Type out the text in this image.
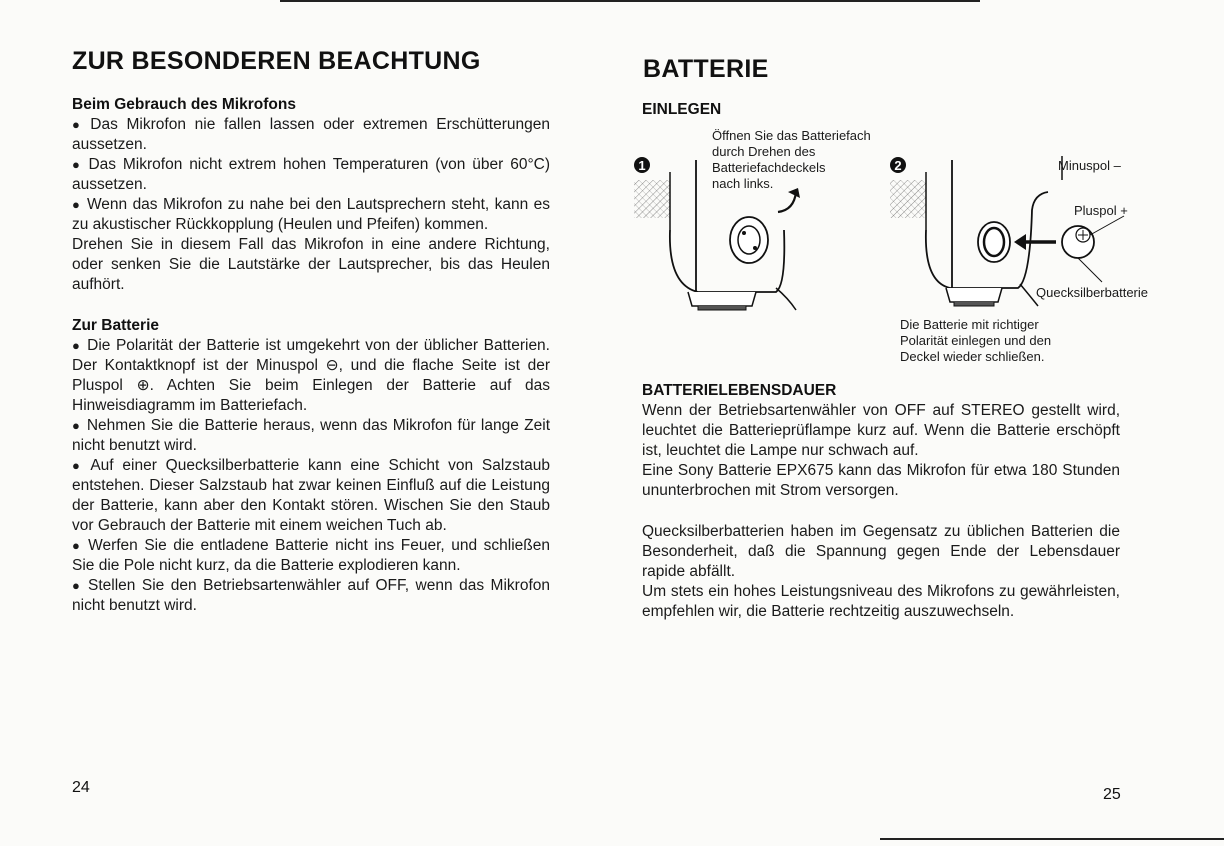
ZUR BESONDEREN BEACHTUNG
Beim Gebrauch des Mikrofons

● Das Mikrofon nie fallen lassen oder extremen Erschütterungen aussetzen.

● Das Mikrofon nicht extrem hohen Temperaturen (von über 60°C) aussetzen.

● Wenn das Mikrofon zu nahe bei den Lautsprechern steht, kann es zu akustischer Rückkopplung (Heulen und Pfeifen) kommen.

Drehen Sie in diesem Fall das Mikrofon in eine andere Richtung, oder senken Sie die Lautstärke der Lautsprecher, bis das Heulen aufhört.

Zur Batterie

● Die Polarität der Batterie ist umgekehrt von der üblicher Batterien. Der Kontaktknopf ist der Minuspol ⊖, und die flache Seite ist der Pluspol ⊕. Achten Sie beim Einlegen der Batterie auf das Hinweisdiagramm im Batteriefach.

● Nehmen Sie die Batterie heraus, wenn das Mikrofon für lange Zeit nicht benutzt wird.

● Auf einer Quecksilberbatterie kann eine Schicht von Salzstaub entstehen. Dieser Salzstaub hat zwar keinen Einfluß auf die Leistung der Batterie, kann aber den Kontakt stören. Wischen Sie den Staub vor Gebrauch der Batterie mit einem weichen Tuch ab.

● Werfen Sie die entladene Batterie nicht ins Feuer, und schließen Sie die Pole nicht kurz, da die Batterie explodieren kann.

● Stellen Sie den Betriebsartenwähler auf OFF, wenn das Mikrofon nicht benutzt wird.

24

BATTERIE
EINLEGEN
1
Öffnen Sie das Batteriefach
durch Drehen des
Batteriefachdeckels
nach links.
2	Minuspol –
Pluspol +
Quecksilberbatterie
Die Batterie mit richtiger
Polarität einlegen und den
Deckel wieder schließen.
BATTERIELEBENSDAUER

Wenn der Betriebsartenwähler von OFF auf STEREO gestellt wird, leuchtet die Batterieprüflampe kurz auf. Wenn die Batterie erschöpft ist, leuchtet die Lampe nur schwach auf.

Eine Sony Batterie EPX675 kann das Mikrofon für etwa 180 Stunden ununterbrochen mit Strom versorgen.

Quecksilberbatterien haben im Gegensatz zu üblichen Batterien die Besonderheit, daß die Spannung gegen Ende der Lebensdauer rapide abfällt.

Um stets ein hohes Leistungsniveau des Mikrofons zu gewährleisten, empfehlen wir, die Batterie rechtzeitig auszuwechseln.

25
